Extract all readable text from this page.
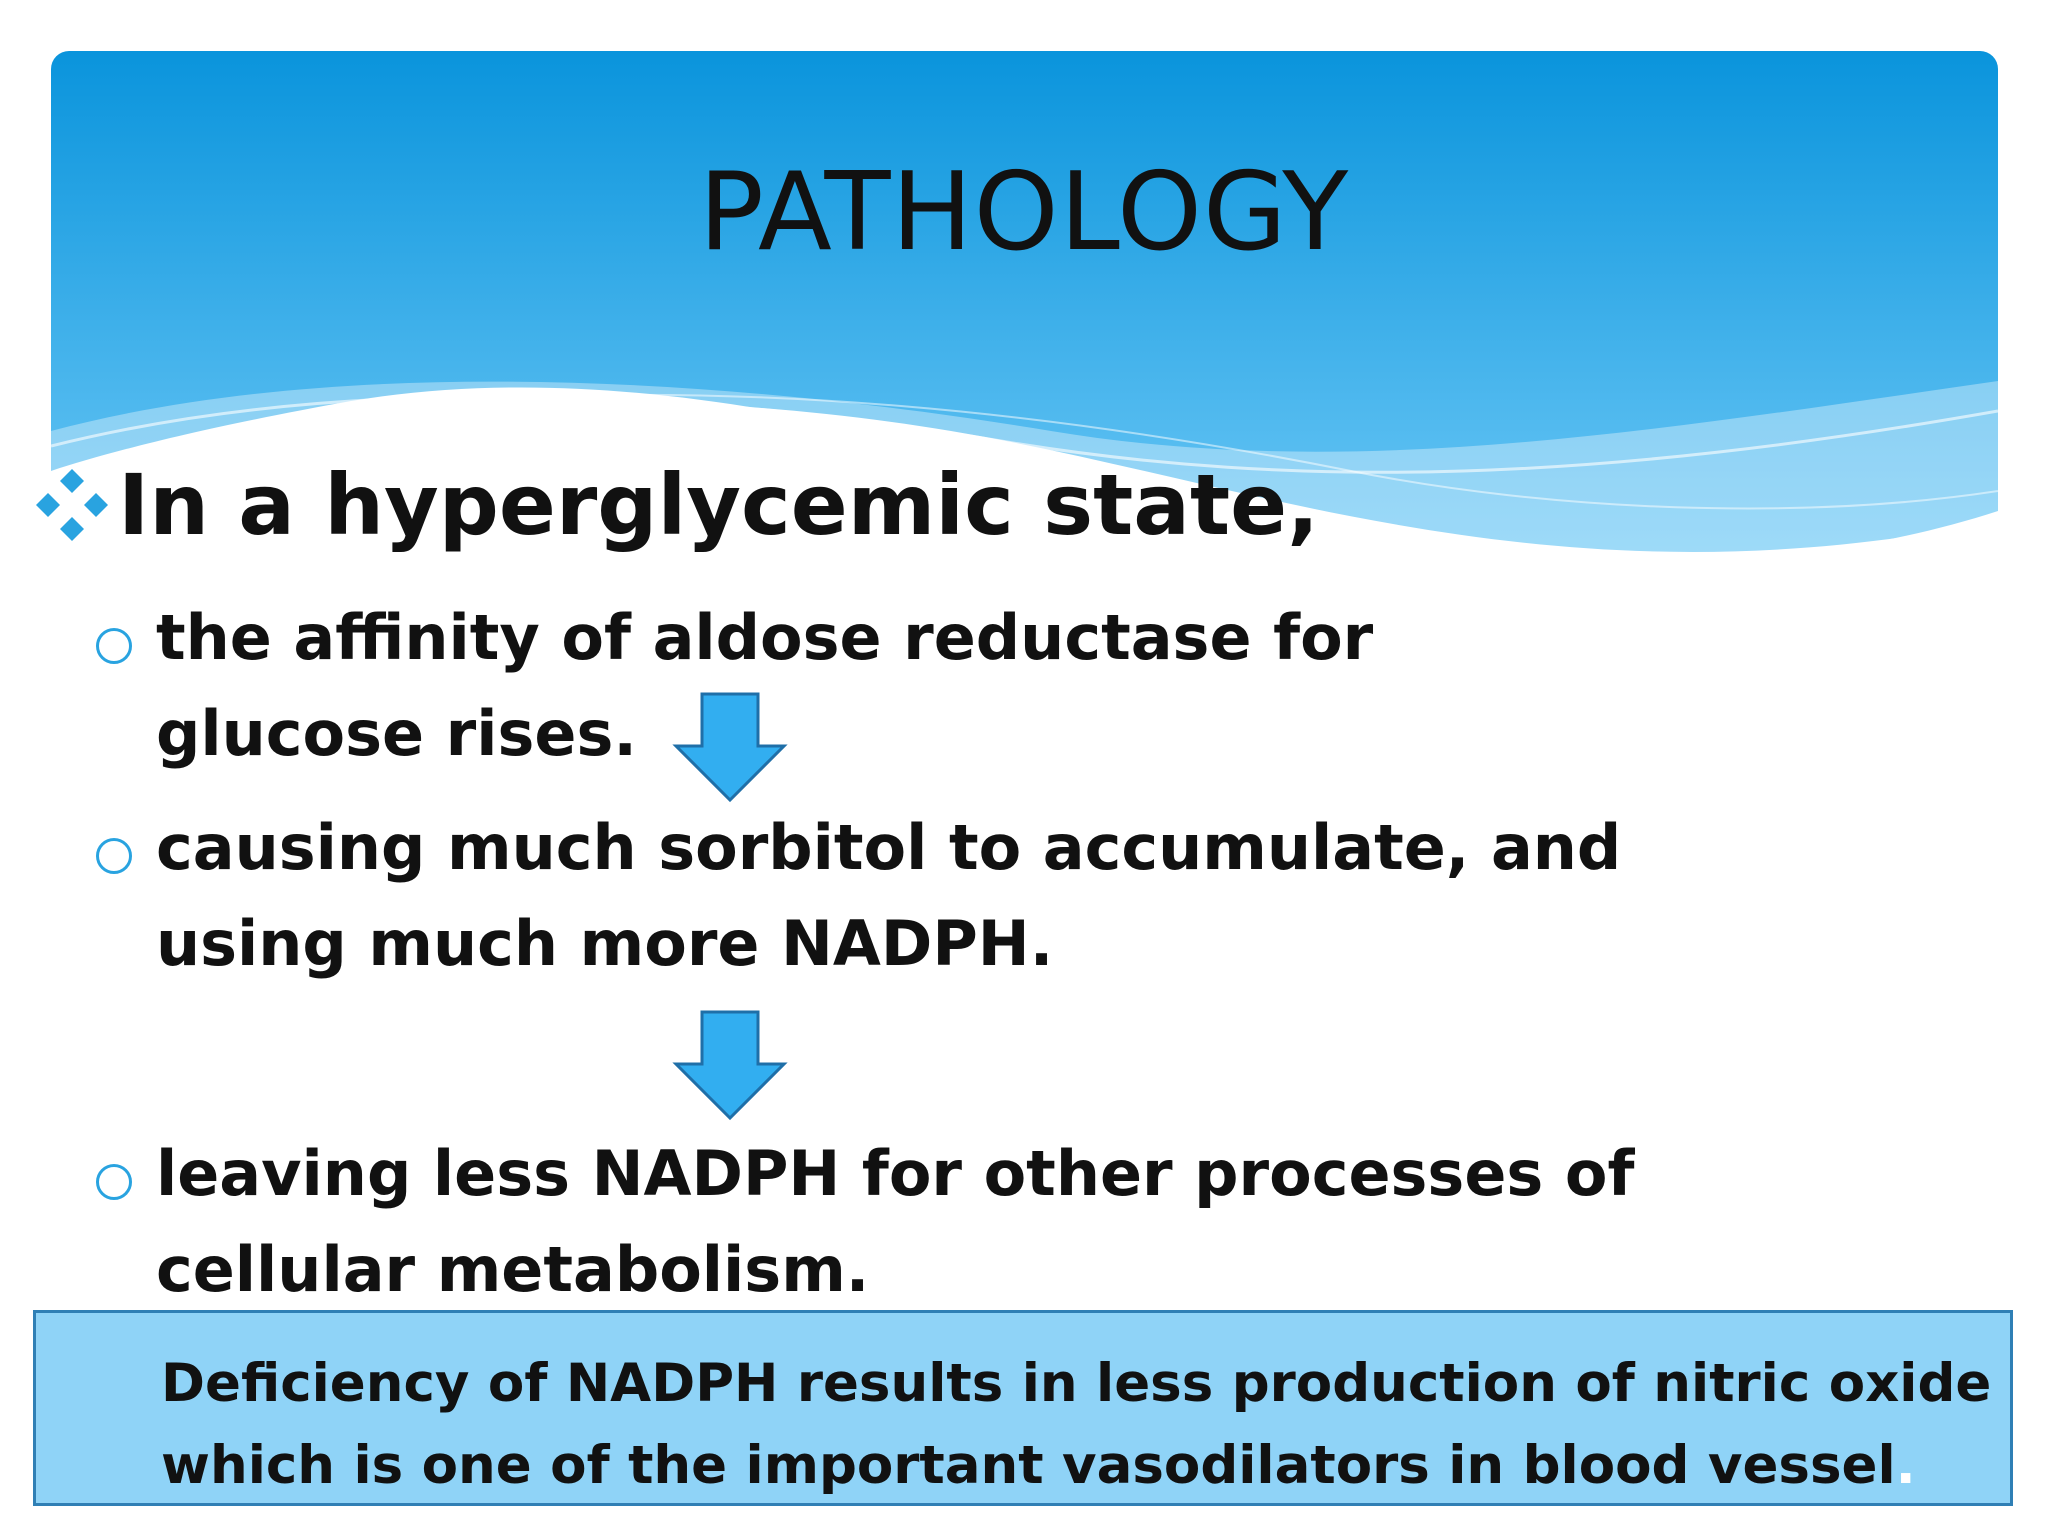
PATHOLOGY
In a hyperglycemic state,
the affinity of aldose reductase for
glucose rises.
causing much sorbitol to accumulate, and
using much more NADPH.
leaving less NADPH for other processes of
cellular metabolism.
Deficiency of NADPH results in less production of nitric oxide
which is one of the important vasodilators in blood vessel.
